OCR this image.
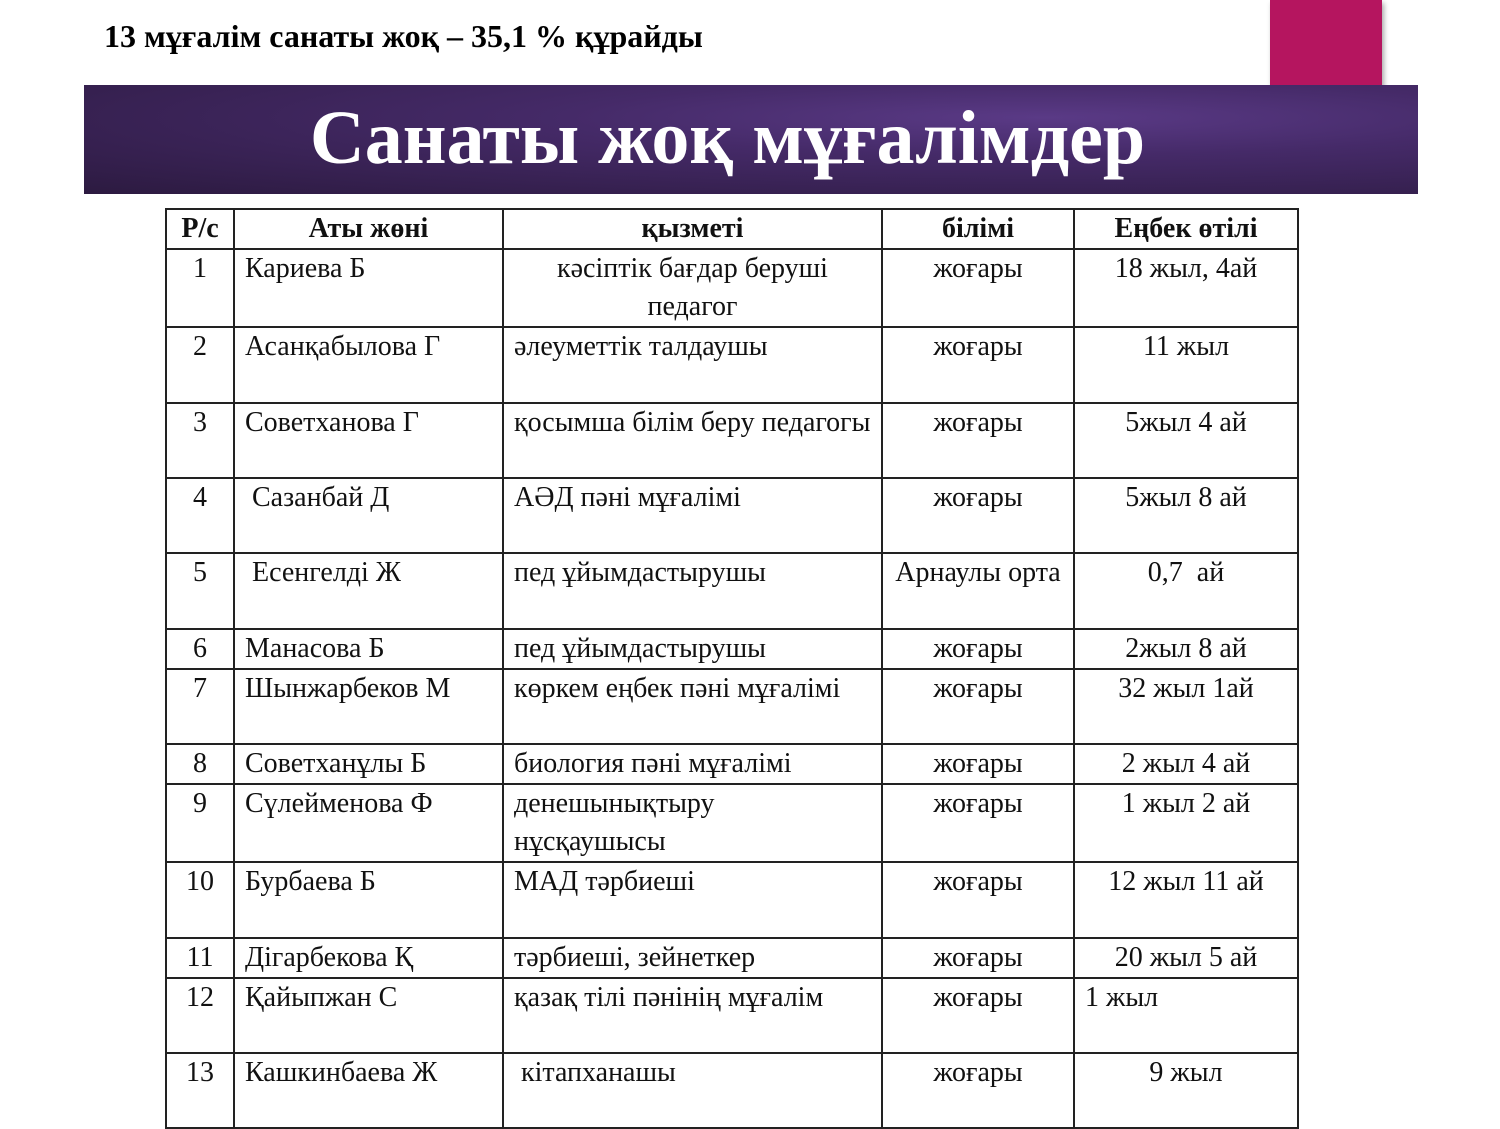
13 мұғалім санаты жоқ – 35,1 % құрайды
Санаты жоқ мұғалімдер
Р/с	Аты жөні	қызметі	білімі	Еңбек өтілі
1	Кариева Б	кәсіптік бағдар беруші педагог	жоғары	18 жыл, 4ай
2	Асанқабылова Г	әлеуметтік талдаушы	жоғары	11 жыл
3	Советханова Г	қосымша білім беру педагогы	жоғары	5жыл 4 ай
4	Сазанбай Д	АӘД пәні мұғалімі	жоғары	5жыл 8 ай
5	Есенгелді Ж	пед ұйымдастырушы	Арнаулы орта	0,7  ай
6	Манасова Б	пед ұйымдастырушы	жоғары	2жыл 8 ай
7	Шынжарбеков М	көркем еңбек пәні мұғалімі	жоғары	32 жыл 1ай
8	Советханұлы Б	биология пәні мұғалімі	жоғары	2 жыл 4 ай
9	Сүлейменова Ф	денешынықтыру нұсқаушысы	жоғары	1 жыл 2 ай
10	Бурбаева Б	МАД тәрбиеші	жоғары	12 жыл 11 ай
11	Дігарбекова Қ	тәрбиеші, зейнеткер	жоғары	20 жыл 5 ай
12	Қайыпжан С	қазақ тілі пәнінің мұғалім	жоғары	1 жыл
13	Кашкинбаева Ж	кітапханашы	жоғары	9 жыл
